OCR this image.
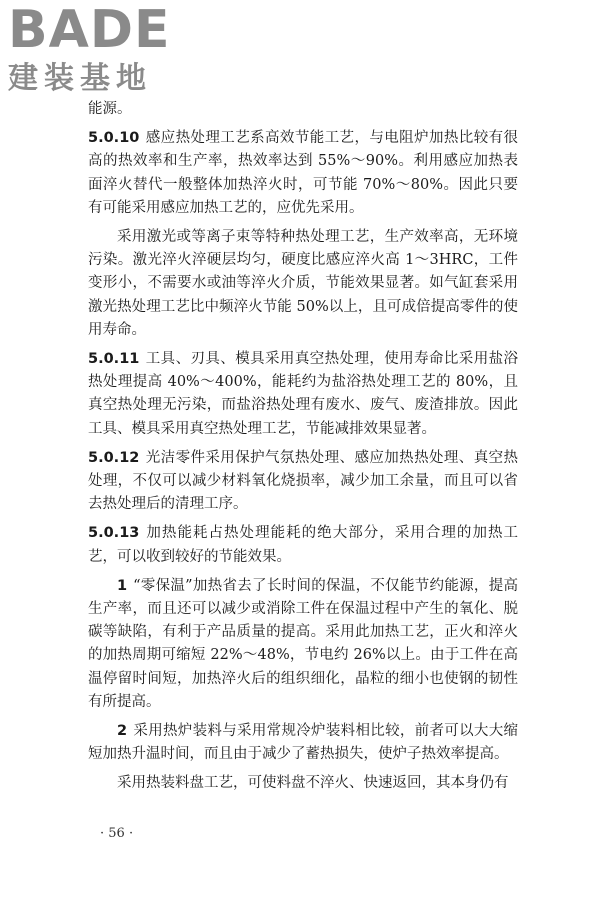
BADE
建装基地

能源。

5.0.10 感应热处理工艺系高效节能工艺，与电阻炉加热比较有很高的热效率和生产率，热效率达到 55%～90%。利用感应加热表面淬火替代一般整体加热淬火时，可节能 70%～80%。因此只要有可能采用感应加热工艺的，应优先采用。

采用激光或等离子束等特种热处理工艺，生产效率高，无环境污染。激光淬火淬硬层均匀，硬度比感应淬火高 1～3HRC，工件变形小，不需要水或油等淬火介质，节能效果显著。如气缸套采用激光热处理工艺比中频淬火节能 50%以上，且可成倍提高零件的使用寿命。

5.0.11 工具、刃具、模具采用真空热处理，使用寿命比采用盐浴热处理提高 40%～400%，能耗约为盐浴热处理工艺的 80%，且真空热处理无污染，而盐浴热处理有废水、废气、废渣排放。因此工具、模具采用真空热处理工艺，节能减排效果显著。

5.0.12 光洁零件采用保护气氛热处理、感应加热热处理、真空热处理，不仅可以减少材料氧化烧损率，减少加工余量，而且可以省去热处理后的清理工序。

5.0.13 加热能耗占热处理能耗的绝大部分，采用合理的加热工艺，可以收到较好的节能效果。

1 “零保温”加热省去了长时间的保温，不仅能节约能源，提高生产率，而且还可以减少或消除工件在保温过程中产生的氧化、脱碳等缺陷，有利于产品质量的提高。采用此加热工艺，正火和淬火的加热周期可缩短 22%～48%，节电约 26%以上。由于工件在高温停留时间短，加热淬火后的组织细化，晶粒的细小也使钢的韧性有所提高。

2 采用热炉装料与采用常规冷炉装料相比较，前者可以大大缩短加热升温时间，而且由于减少了蓄热损失，使炉子热效率提高。

采用热装料盘工艺，可使料盘不淬火、快速返回，其本身仍有

· 56 ·
